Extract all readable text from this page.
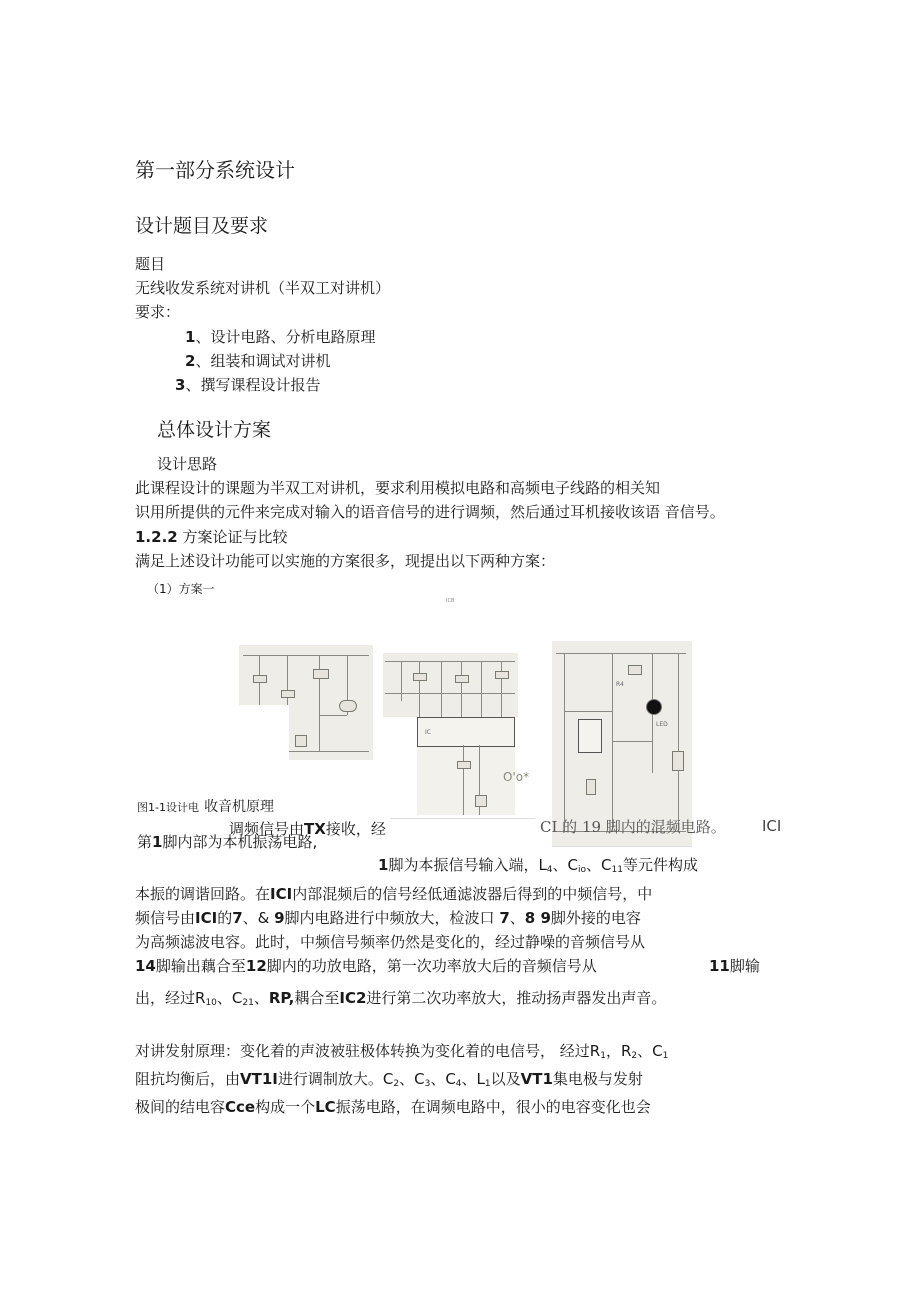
第一部分系统设计
设计题目及要求
题目
无线收发系统对讲机（半双工对讲机）
要求：
1、设计电路、分析电路原理
2、组装和调试对讲机
3、撰写课程设计报告
总体设计方案
设计思路
此课程设计的课题为半双工对讲机，要求利用模拟电路和高频电子线路的相关知
识用所提供的元件来完成对输入的语音信号的进行调频，然后通过耳机接收该语 音信号。
1.2.2 方案论证与比较
满足上述设计功能可以实施的方案很多，现提出以下两种方案：
（1）方案一
ICB
IC
O'o*
R4
LED
图1-1设计电 收音机原理
调频信号由TX接收，经	CI 的 19 脚内的混频电路。 ICI
第1脚内部为本机振荡电路,
1脚为本振信号输入端，$L_4$、$C_{io}$、$C_{11}$等元件构成
本振的调谐回路。在ICI内部混频后的信号经低通滤波器后得到的中频信号，中
频信号由ICI的7、& 9脚内电路进行中频放大，检波口 7、8 9脚外接的电容
为高频滤波电容。此时，中频信号频率仍然是变化的，经过静噪的音频信号从
14脚输出藕合至12脚内的功放电路，第一次功率放大后的音频信号从	11脚输
出，经过$R_{10}$、$C_{21}$、RP,耦合至IC2进行第二次功率放大，推动扬声器发出声音。
对讲发射原理：变化着的声波被驻极体转换为变化着的电信号， 经过$R_1$，$R_2$、$C_1$
阻抗均衡后，由VT1I进行调制放大。$C_2$、$C_3$、$C_4$、$L_1$以及VT1集电极与发射
极间的结电容Cce构成一个LC振荡电路，在调频电路中，很小的电容变化也会
